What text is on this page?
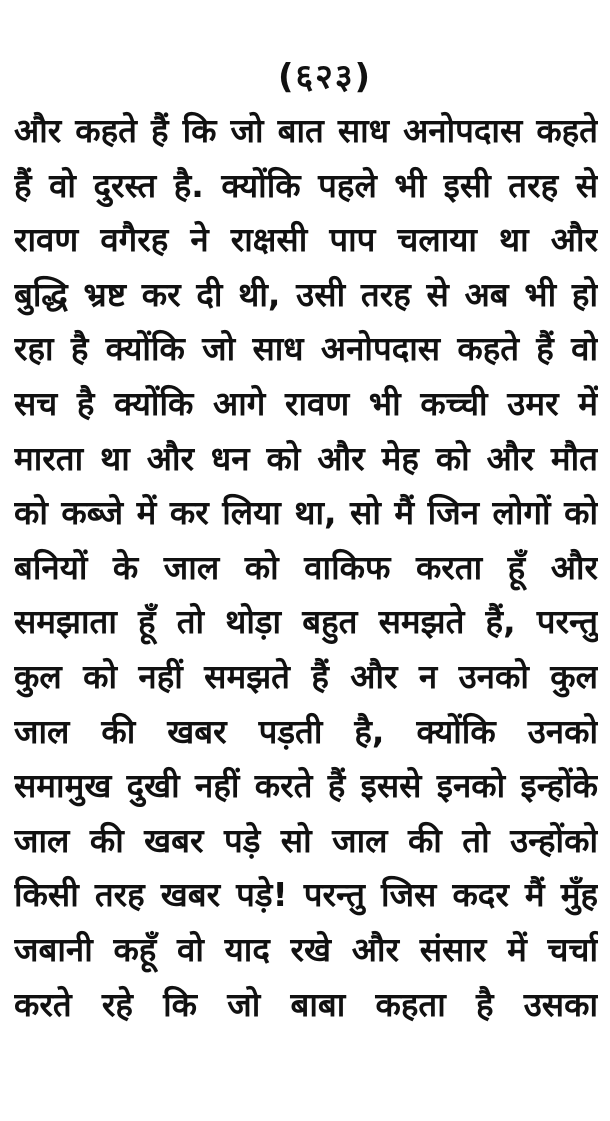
(६२३)
और कहते हैं कि जो बात साध अनोपदास कहते
हैं वो दुरस्त है. क्योंकि पहले भी इसी तरह से
रावण वगैरह ने राक्षसी पाप चलाया था और
बुद्धि भ्रष्ट कर दी थी, उसी तरह से अब भी हो
रहा है क्योंकि जो साध अनोपदास कहते हैं वो
सच है क्योंकि आगे रावण भी कच्ची उमर में
मारता था और धन को और मेह को और मौत
को कब्जे में कर लिया था, सो मैं जिन लोगों को
बनियों के जाल को वाकिफ करता हूँ और
समझाता हूँ तो थोड़ा बहुत समझते हैं, परन्तु
कुल को नहीं समझते हैं और न उनको कुल
जाल की खबर पड़ती है, क्योंकि उनको
समामुख दुखी नहीं करते हैं इससे इनको इन्होंके
जाल की खबर पड़े सो जाल की तो उन्होंको
किसी तरह खबर पड़े! परन्तु जिस कदर मैं मुँह
जबानी कहूँ वो याद रखे और संसार में चर्चा
करते रहे कि जो बाबा कहता है उसका
